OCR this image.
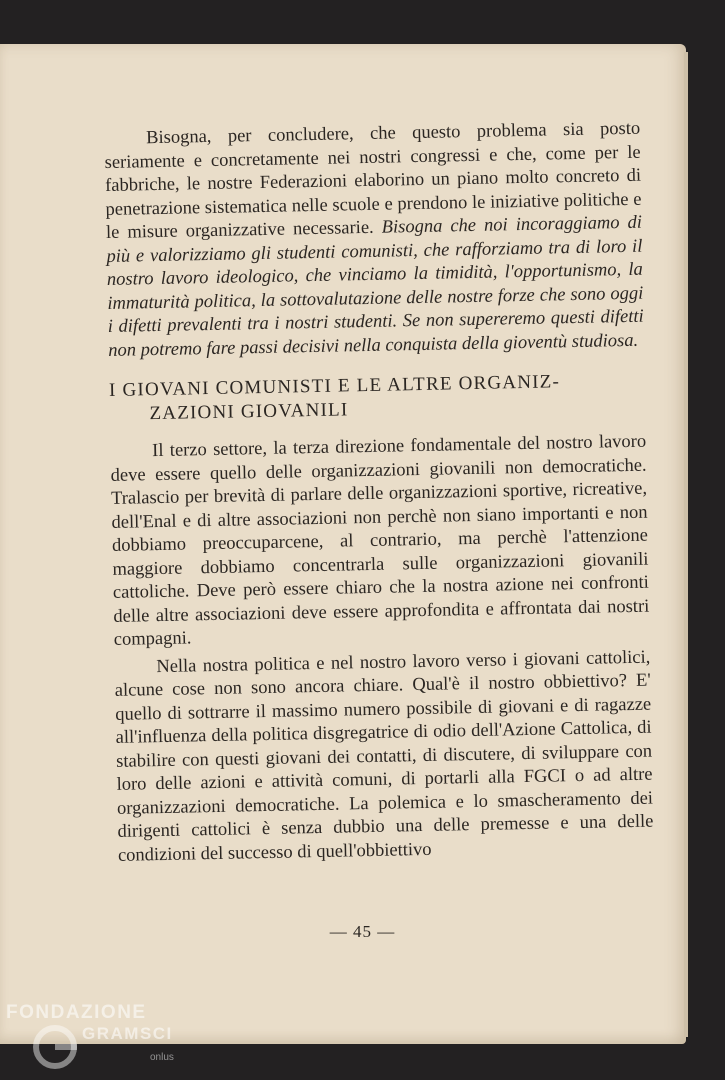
Bisogna, per concludere, che questo problema sia posto seriamente e concretamente nei nostri congressi e che, come per le fabbriche, le nostre Federazioni elaborino un piano molto concreto di penetrazione sistematica nelle scuole e prendono le iniziative politiche e le misure organizzative necessarie. Bisogna che noi incoraggiamo di più e valorizziamo gli studenti comunisti, che rafforziamo tra di loro il nostro lavoro ideologico, che vinciamo la timidità, l'opportunismo, la immaturità politica, la sottovalutazione delle nostre forze che sono oggi i difetti prevalenti tra i nostri studenti. Se non supereremo questi difetti non potremo fare passi decisivi nella conquista della gioventù studiosa.

I GIOVANI COMUNISTI E LE ALTRE ORGANIZ-
ZAZIONI GIOVANILI

Il terzo settore, la terza direzione fondamentale del nostro lavoro deve essere quello delle organizzazioni giovanili non democratiche. Tralascio per brevità di parlare delle organizzazioni sportive, ricreative, dell'Enal e di altre associazioni non perchè non siano importanti e non dobbiamo preoccuparcene, al contrario, ma perchè l'attenzione maggiore dobbiamo concentrarla sulle organizzazioni giovanili cattoliche. Deve però essere chiaro che la nostra azione nei confronti delle altre associazioni deve essere approfondita e affrontata dai nostri compagni.

Nella nostra politica e nel nostro lavoro verso i giovani cattolici, alcune cose non sono ancora chiare. Qual'è il nostro obbiettivo? E' quello di sottrarre il massimo numero possibile di giovani e di ragazze all'influenza della politica disgregatrice di odio dell'Azione Cattolica, di stabilire con questi giovani dei contatti, di discutere, di sviluppare con loro delle azioni e attività comuni, di portarli alla FGCI o ad altre organizzazioni democratiche. La polemica e lo smascheramento dei dirigenti cattolici è senza dubbio una delle premesse e una delle condizioni del successo di quell'obbiettivo

— 45 —
FONDAZIONE
GRAMSCI
onlus
